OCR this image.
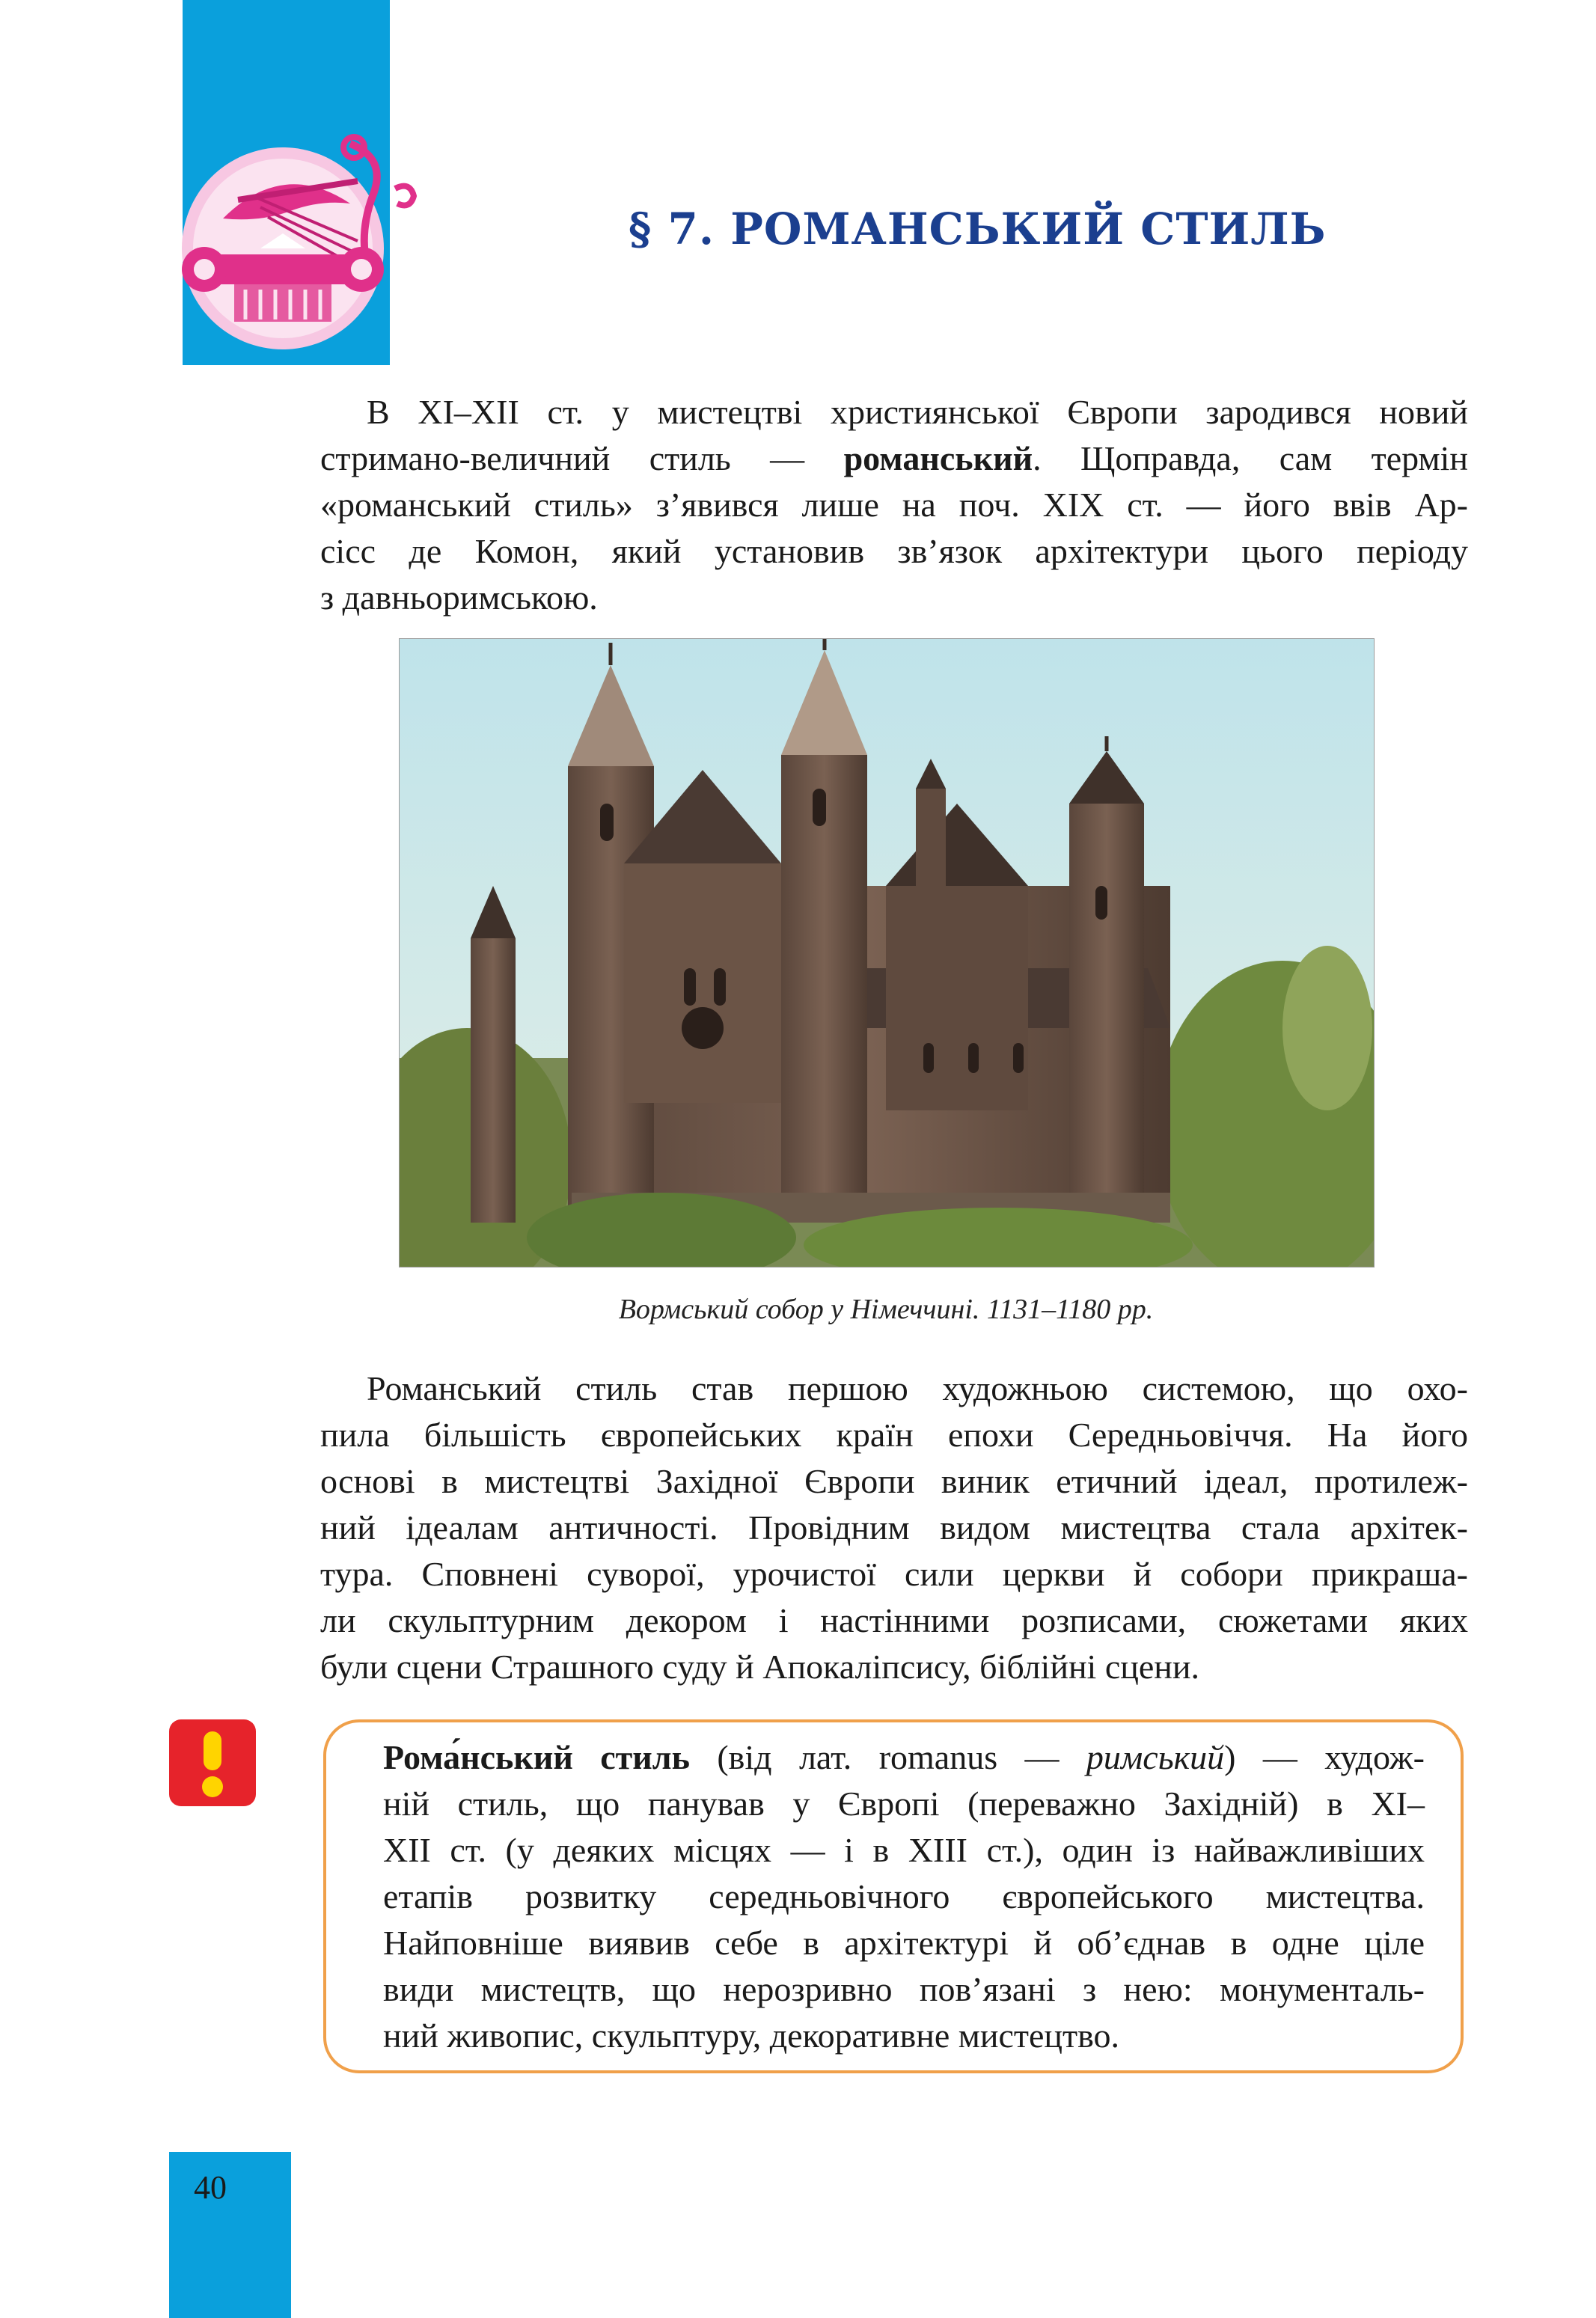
§ 7. РОМАНСЬКИЙ СТИЛЬ
В XI–XII ст. у мистецтві християнської Європи зародився новий
стримано-величний стиль — романський. Щоправда, сам термін
«романський стиль» з’явився лише на поч. XIX ст. — його ввів Ар-
сісс де Комон, який установив зв’язок архітектури цього періоду
з давньоримською.
Вормський собор у Німеччині. 1131–1180 рр.
Романський стиль став першою художньою системою, що охо-
пила більшість європейських країн епохи Середньовіччя. На його
основі в мистецтві Західної Європи виник етичний ідеал, протилеж-
ний ідеалам античності. Провідним видом мистецтва стала архітек-
тура. Сповнені суворої, урочистої сили церкви й собори прикраша-
ли скульптурним декором і настінними розписами, сюжетами яких
були сцени Страшного суду й Апокаліпсису, біблійні сцени.
Рома́нський стиль (від лат. romanus — римський) — худож-
ній стиль, що панував у Європі (переважно Західній) в XI–
XII ст. (у деяких місцях — і в XIII ст.), один із найважливіших
етапів розвитку середньовічного європейського мистецтва.
Найповніше виявив себе в архітектурі й об’єднав в одне ціле
види мистецтв, що нерозривно пов’язані з нею: монументаль-
ний живопис, скульптуру, декоративне мистецтво.
40
